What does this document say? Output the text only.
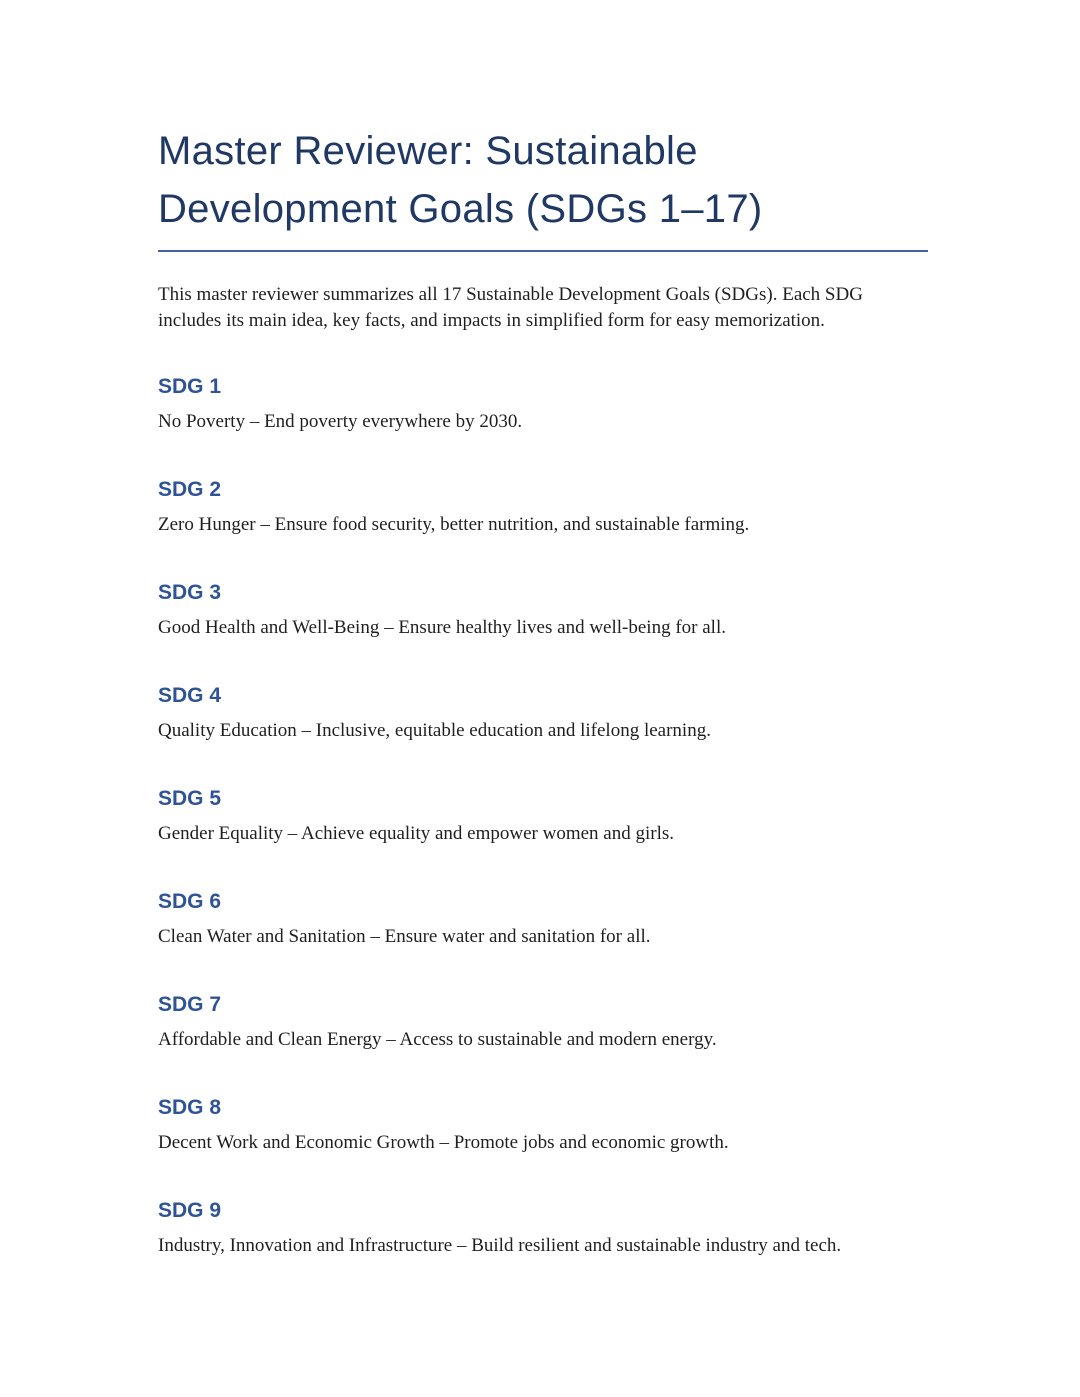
Master Reviewer: Sustainable Development Goals (SDGs 1–17)

This master reviewer summarizes all 17 Sustainable Development Goals (SDGs). Each SDG includes its main idea, key facts, and impacts in simplified form for easy memorization.

SDG 1

No Poverty – End poverty everywhere by 2030.

SDG 2

Zero Hunger – Ensure food security, better nutrition, and sustainable farming.

SDG 3

Good Health and Well-Being – Ensure healthy lives and well-being for all.

SDG 4

Quality Education – Inclusive, equitable education and lifelong learning.

SDG 5

Gender Equality – Achieve equality and empower women and girls.

SDG 6

Clean Water and Sanitation – Ensure water and sanitation for all.

SDG 7

Affordable and Clean Energy – Access to sustainable and modern energy.

SDG 8

Decent Work and Economic Growth – Promote jobs and economic growth.

SDG 9

Industry, Innovation and Infrastructure – Build resilient and sustainable industry and tech.
